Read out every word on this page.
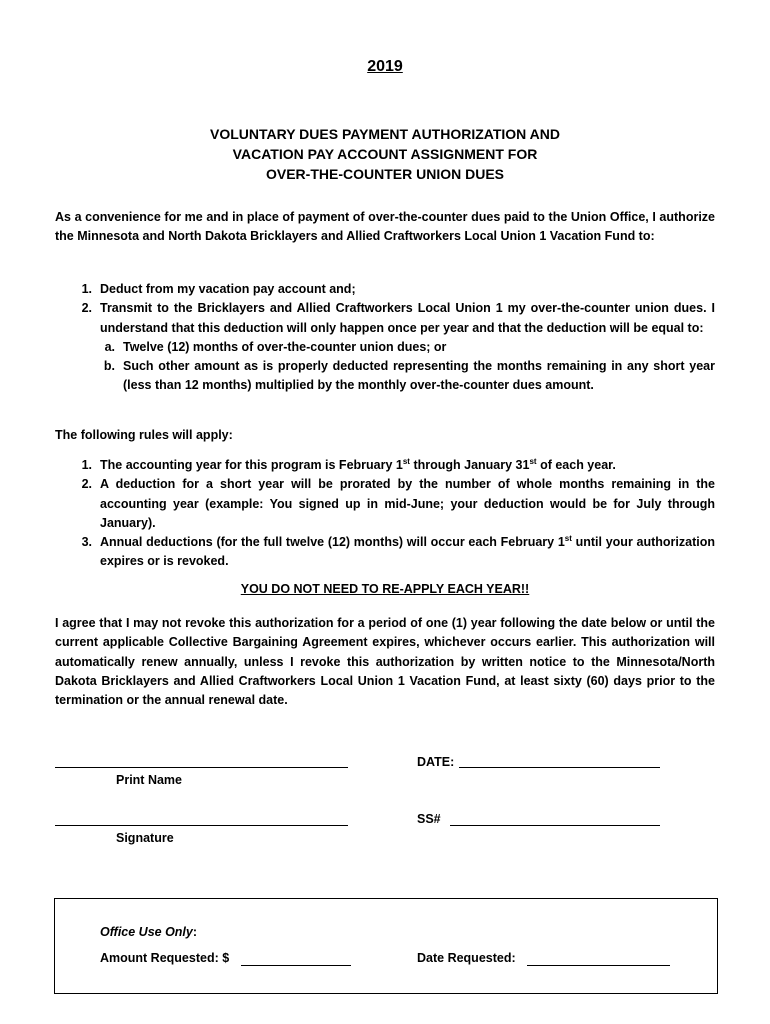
2019
VOLUNTARY DUES PAYMENT AUTHORIZATION AND
VACATION PAY ACCOUNT ASSIGNMENT FOR
OVER-THE-COUNTER UNION DUES
As a convenience for me and in place of payment of over-the-counter dues paid to the Union Office, I authorize the Minnesota and North Dakota Bricklayers and Allied Craftworkers Local Union 1 Vacation Fund to:
1. Deduct from my vacation pay account and;
2. Transmit to the Bricklayers and Allied Craftworkers Local Union 1 my over-the-counter union dues. I understand that this deduction will only happen once per year and that the deduction will be equal to:
a. Twelve (12) months of over-the-counter union dues; or
b. Such other amount as is properly deducted representing the months remaining in any short year (less than 12 months) multiplied by the monthly over-the-counter dues amount.
The following rules will apply:
1. The accounting year for this program is February 1st through January 31st of each year.
2. A deduction for a short year will be prorated by the number of whole months remaining in the accounting year (example: You signed up in mid-June; your deduction would be for July through January).
3. Annual deductions (for the full twelve (12) months) will occur each February 1st until your authorization expires or is revoked.
YOU DO NOT NEED TO RE-APPLY EACH YEAR!!
I agree that I may not revoke this authorization for a period of one (1) year following the date below or until the current applicable Collective Bargaining Agreement expires, whichever occurs earlier. This authorization will automatically renew annually, unless I revoke this authorization by written notice to the Minnesota/North Dakota Bricklayers and Allied Craftworkers Local Union 1 Vacation Fund, at least sixty (60) days prior to the termination or the annual renewal date.
Print Name
DATE:
Signature
SS#
Office Use Only:
Amount Requested: $	Date Requested:
